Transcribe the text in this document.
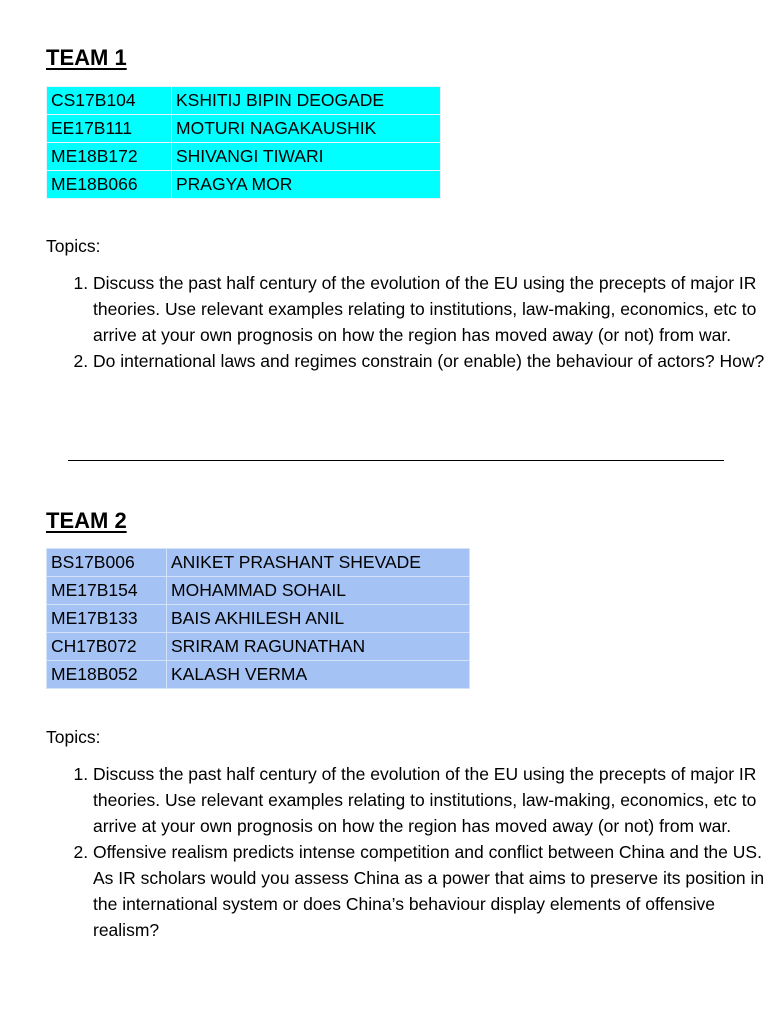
TEAM 1
CS17B104	KSHITIJ BIPIN DEOGADE
EE17B111	MOTURI NAGAKAUSHIK
ME18B172	SHIVANGI TIWARI
ME18B066	PRAGYA MOR

Topics:

1. Discuss the past half century of the evolution of the EU using the precepts of major IR theories. Use relevant examples relating to institutions, law-making, economics, etc to arrive at your own prognosis on how the region has moved away (or not) from war.
2. Do international laws and regimes constrain (or enable) the behaviour of actors? How?
TEAM 2
BS17B006	ANIKET PRASHANT SHEVADE
ME17B154	MOHAMMAD SOHAIL
ME17B133	BAIS AKHILESH ANIL
CH17B072	SRIRAM RAGUNATHAN
ME18B052	KALASH VERMA

Topics:

1. Discuss the past half century of the evolution of the EU using the precepts of major IR theories. Use relevant examples relating to institutions, law-making, economics, etc to arrive at your own prognosis on how the region has moved away (or not) from war.
2. Offensive realism predicts intense competition and conflict between China and the US. As IR scholars would you assess China as a power that aims to preserve its position in the international system or does China’s behaviour display elements of offensive realism?
